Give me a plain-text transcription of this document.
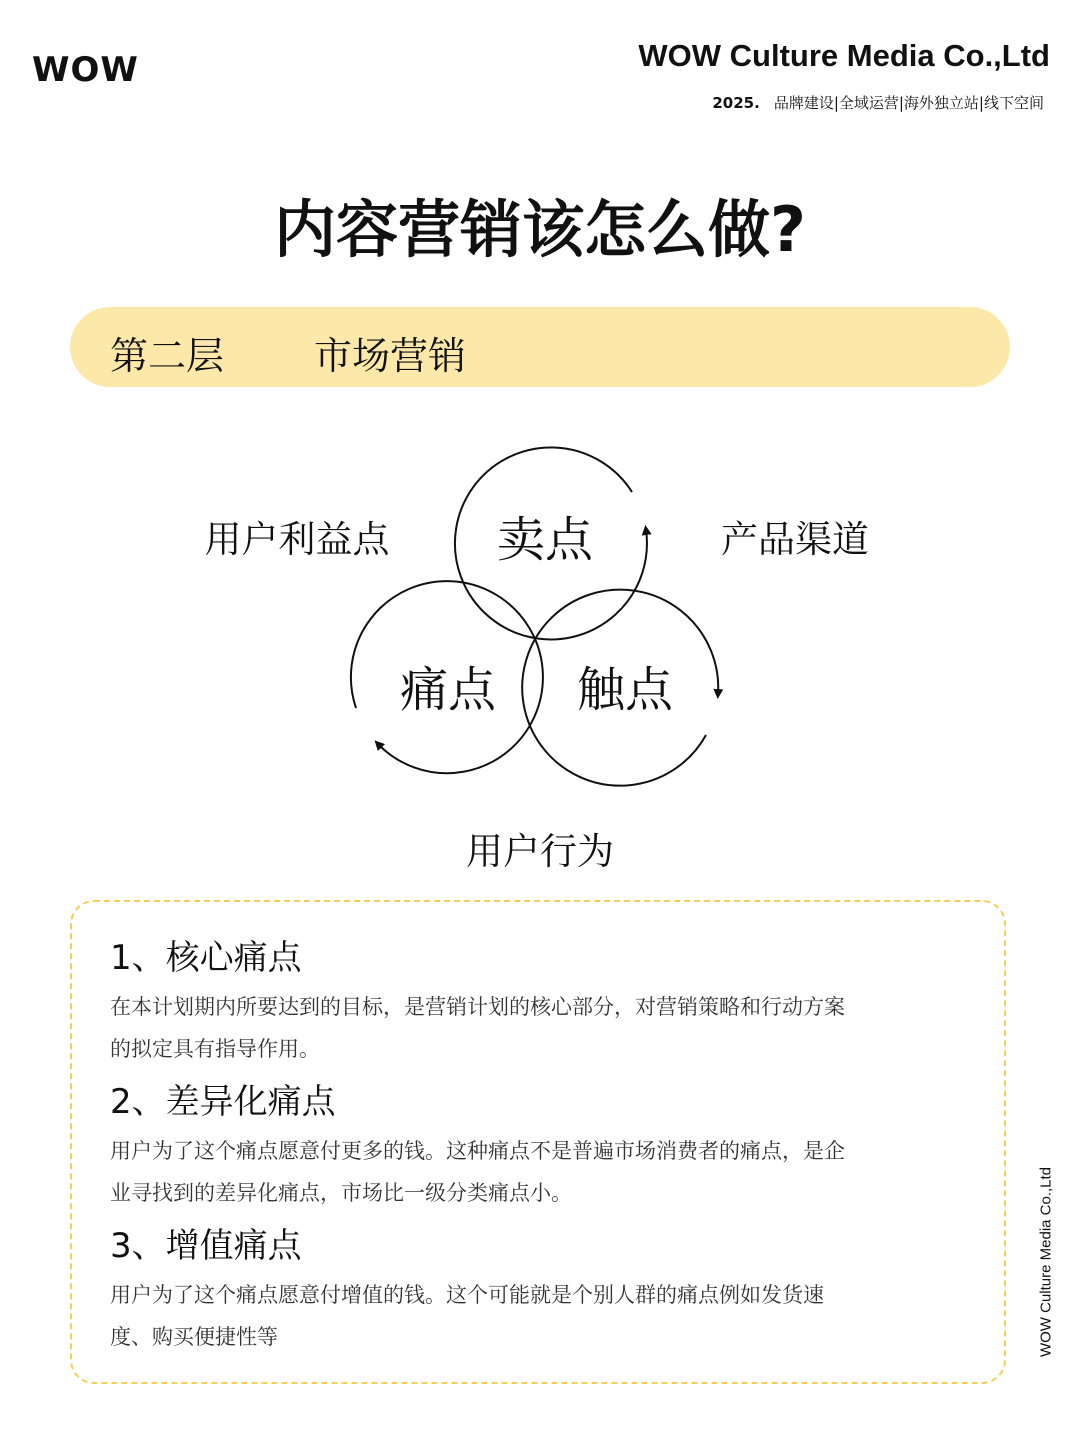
WOW	WOW Culture Media Co.,Ltd
2025. 品牌建设|全域运营|海外独立站|线下空间
内容营销该怎么做?
第二层 市场营销
卖点
痛点 触点
用户利益点	产品渠道
用户行为
1、核心痛点
在本计划期内所要达到的目标，是营销计划的核心部分，对营销策略和行动方案
的拟定具有指导作用。
2、差异化痛点
用户为了这个痛点愿意付更多的钱。这种痛点不是普遍市场消费者的痛点，是企
业寻找到的差异化痛点，市场比一级分类痛点小。
3、增值痛点
用户为了这个痛点愿意付增值的钱。这个可能就是个别人群的痛点例如发货速
度、购买便捷性等	WOW Culture Media Co.,Ltd
